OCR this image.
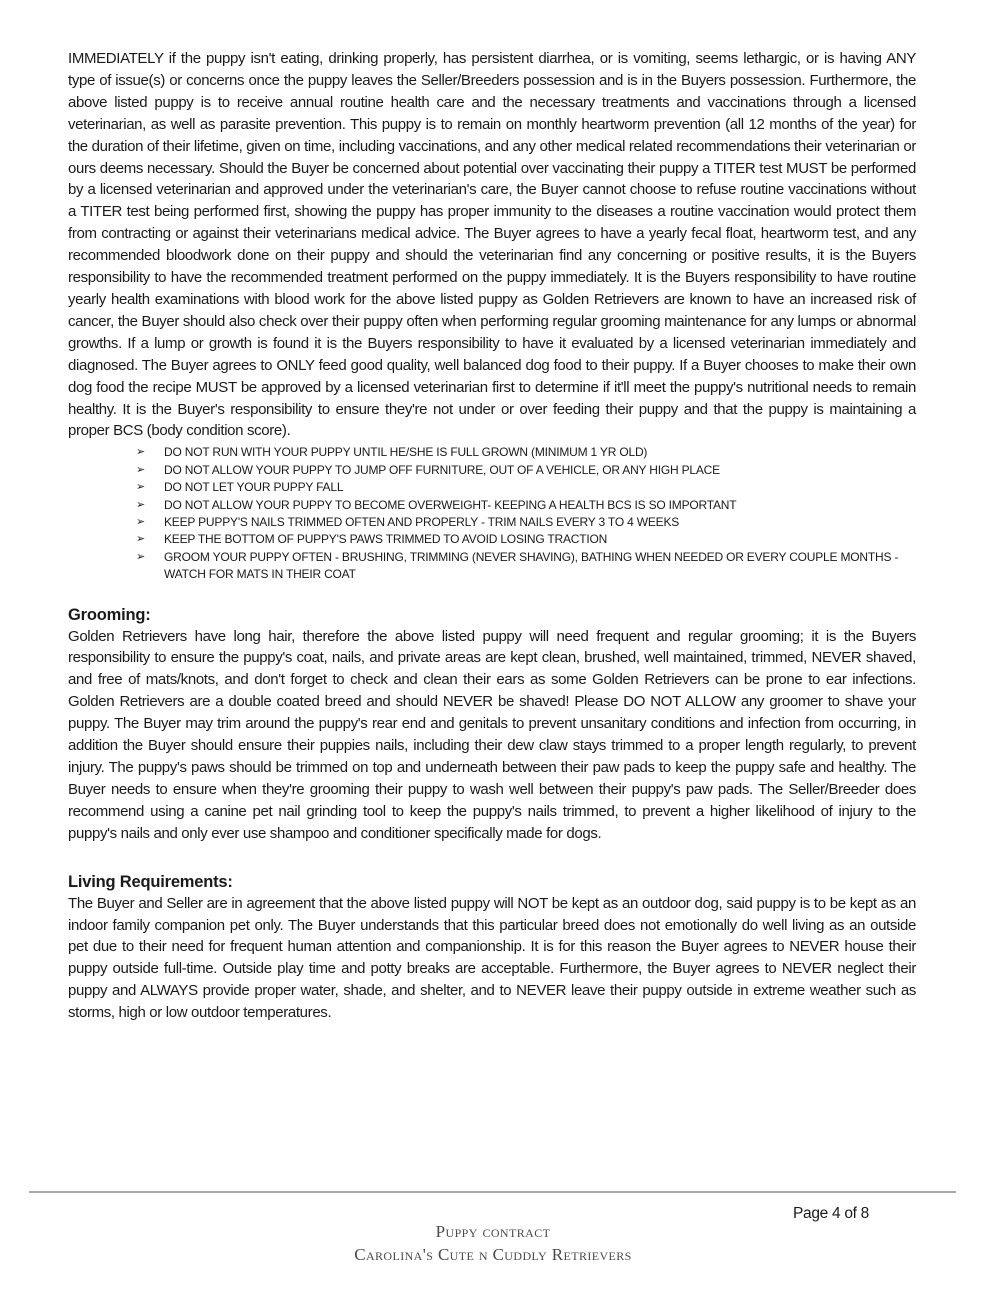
IMMEDIATELY if the puppy isn't eating, drinking properly, has persistent diarrhea, or is vomiting, seems lethargic, or is having ANY type of issue(s) or concerns once the puppy leaves the Seller/Breeders possession and is in the Buyers possession. Furthermore, the above listed puppy is to receive annual routine health care and the necessary treatments and vaccinations through a licensed veterinarian, as well as parasite prevention. This puppy is to remain on monthly heartworm prevention (all 12 months of the year) for the duration of their lifetime, given on time, including vaccinations, and any other medical related recommendations their veterinarian or ours deems necessary. Should the Buyer be concerned about potential over vaccinating their puppy a TITER test MUST be performed by a licensed veterinarian and approved under the veterinarian's care, the Buyer cannot choose to refuse routine vaccinations without a TITER test being performed first, showing the puppy has proper immunity to the diseases a routine vaccination would protect them from contracting or against their veterinarians medical advice. The Buyer agrees to have a yearly fecal float, heartworm test, and any recommended bloodwork done on their puppy and should the veterinarian find any concerning or positive results, it is the Buyers responsibility to have the recommended treatment performed on the puppy immediately. It is the Buyers responsibility to have routine yearly health examinations with blood work for the above listed puppy as Golden Retrievers are known to have an increased risk of cancer, the Buyer should also check over their puppy often when performing regular grooming maintenance for any lumps or abnormal growths. If a lump or growth is found it is the Buyers responsibility to have it evaluated by a licensed veterinarian immediately and diagnosed. The Buyer agrees to ONLY feed good quality, well balanced dog food to their puppy. If a Buyer chooses to make their own dog food the recipe MUST be approved by a licensed veterinarian first to determine if it'll meet the puppy's nutritional needs to remain healthy. It is the Buyer's responsibility to ensure they're not under or over feeding their puppy and that the puppy is maintaining a proper BCS (body condition score).

➢ DO NOT RUN WITH YOUR PUPPY UNTIL HE/SHE IS FULL GROWN (MINIMUM 1 YR OLD)
➢ DO NOT ALLOW YOUR PUPPY TO JUMP OFF FURNITURE, OUT OF A VEHICLE, OR ANY HIGH PLACE
➢ DO NOT LET YOUR PUPPY FALL
➢ DO NOT ALLOW YOUR PUPPY TO BECOME OVERWEIGHT- KEEPING A HEALTH BCS IS SO IMPORTANT
➢ KEEP PUPPY'S NAILS TRIMMED OFTEN AND PROPERLY - TRIM NAILS EVERY 3 TO 4 WEEKS
➢ KEEP THE BOTTOM OF PUPPY'S PAWS TRIMMED TO AVOID LOSING TRACTION
➢ GROOM YOUR PUPPY OFTEN - BRUSHING, TRIMMING (NEVER SHAVING), BATHING WHEN NEEDED OR EVERY COUPLE MONTHS - WATCH FOR MATS IN THEIR COAT
Grooming:

Golden Retrievers have long hair, therefore the above listed puppy will need frequent and regular grooming; it is the Buyers responsibility to ensure the puppy's coat, nails, and private areas are kept clean, brushed, well maintained, trimmed, NEVER shaved, and free of mats/knots, and don't forget to check and clean their ears as some Golden Retrievers can be prone to ear infections. Golden Retrievers are a double coated breed and should NEVER be shaved! Please DO NOT ALLOW any groomer to shave your puppy. The Buyer may trim around the puppy's rear end and genitals to prevent unsanitary conditions and infection from occurring, in addition the Buyer should ensure their puppies nails, including their dew claw stays trimmed to a proper length regularly, to prevent injury. The puppy's paws should be trimmed on top and underneath between their paw pads to keep the puppy safe and healthy. The Buyer needs to ensure when they're grooming their puppy to wash well between their puppy's paw pads. The Seller/Breeder does recommend using a canine pet nail grinding tool to keep the puppy's nails trimmed, to prevent a higher likelihood of injury to the puppy's nails and only ever use shampoo and conditioner specifically made for dogs.

Living Requirements:

The Buyer and Seller are in agreement that the above listed puppy will NOT be kept as an outdoor dog, said puppy is to be kept as an indoor family companion pet only. The Buyer understands that this particular breed does not emotionally do well living as an outside pet due to their need for frequent human attention and companionship. It is for this reason the Buyer agrees to NEVER house their puppy outside full-time. Outside play time and potty breaks are acceptable. Furthermore, the Buyer agrees to NEVER neglect their puppy and ALWAYS provide proper water, shade, and shelter, and to NEVER leave their puppy outside in extreme weather such as storms, high or low outdoor temperatures.

Page 4 of 8
Puppy contract
Carolina's Cute n Cuddly Retrievers
